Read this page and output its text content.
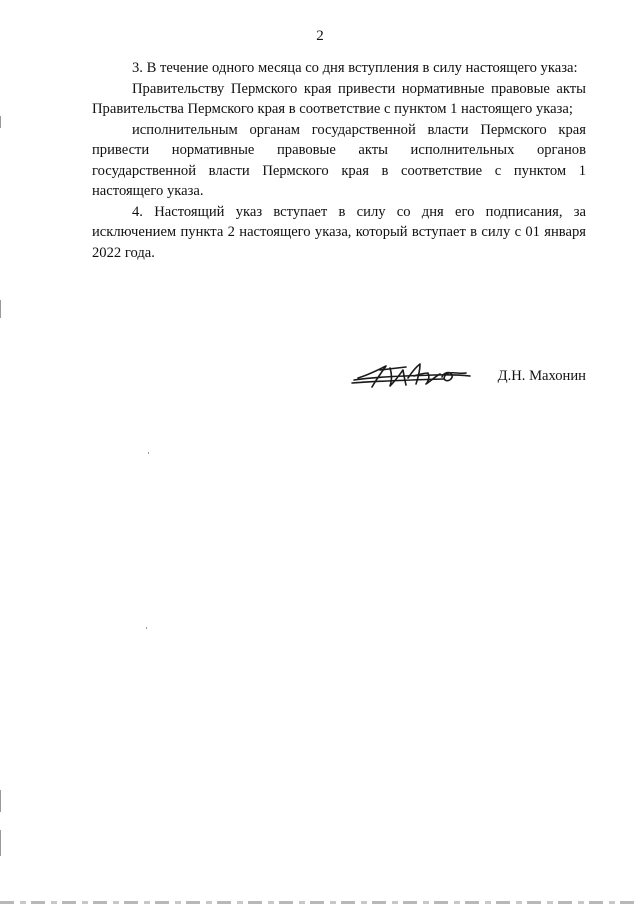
2

3. В течение одного месяца со дня вступления в силу настоящего указа:

Правительству Пермского края привести нормативные правовые акты Правительства Пермского края в соответствие с пунктом 1 настоящего указа;

исполнительным органам государственной власти Пермского края привести нормативные правовые акты исполнительных органов государственной власти Пермского края в соответствие с пунктом 1 настоящего указа.

4. Настоящий указ вступает в силу со дня его подписания, за исключением пункта 2 настоящего указа, который вступает в силу с 01 января 2022 года.

Д.Н. Махонин
